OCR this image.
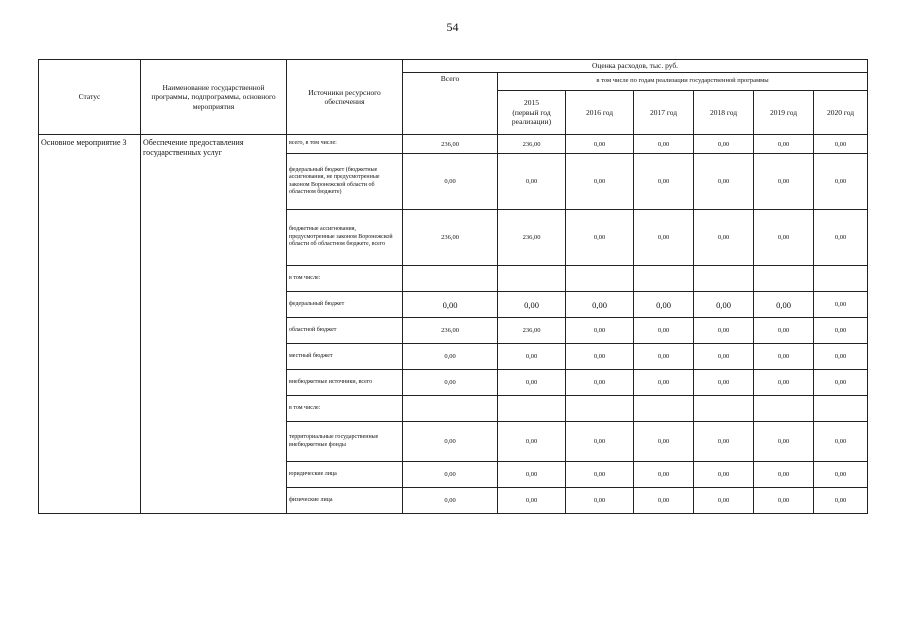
54
Статус	Наименование государственной программы, подпрограммы, основного мероприятия	Источники ресурсного обеспечения	Оценка расходов, тыс. руб.						
			Всего	в том числе по годам реализации государственной программы					
				2015
(первый год
реализации)	2016 год	2017 год	2018 год	2019 год	2020 год
Основное мероприятие 3	Обеспечение предоставления государственных услуг	всего, в том числе:	236,00	236,00	0,00	0,00	0,00	0,00	0,00
		федеральный бюджет (бюджетные ассигнования, не предусмотренные законом Воронежской области об областном бюджете)	0,00	0,00	0,00	0,00	0,00	0,00	0,00
		бюджетные ассигнования, предусмотренные законом Воронежской области об областном бюджете, всего	236,00	236,00	0,00	0,00	0,00	0,00	0,00
		в том числе:							
		федеральный бюджет	0,00	0,00	0,00	0,00	0,00	0,00	0,00
		областной бюджет	236,00	236,00	0,00	0,00	0,00	0,00	0,00
		местный бюджет	0,00	0,00	0,00	0,00	0,00	0,00	0,00
		внебюджетные источники, всего	0,00	0,00	0,00	0,00	0,00	0,00	0,00
		в том числе:							
		территориальные государственные внебюджетные фонды	0,00	0,00	0,00	0,00	0,00	0,00	0,00
		юридические лица	0,00	0,00	0,00	0,00	0,00	0,00	0,00
		физические лица	0,00	0,00	0,00	0,00	0,00	0,00	0,00
